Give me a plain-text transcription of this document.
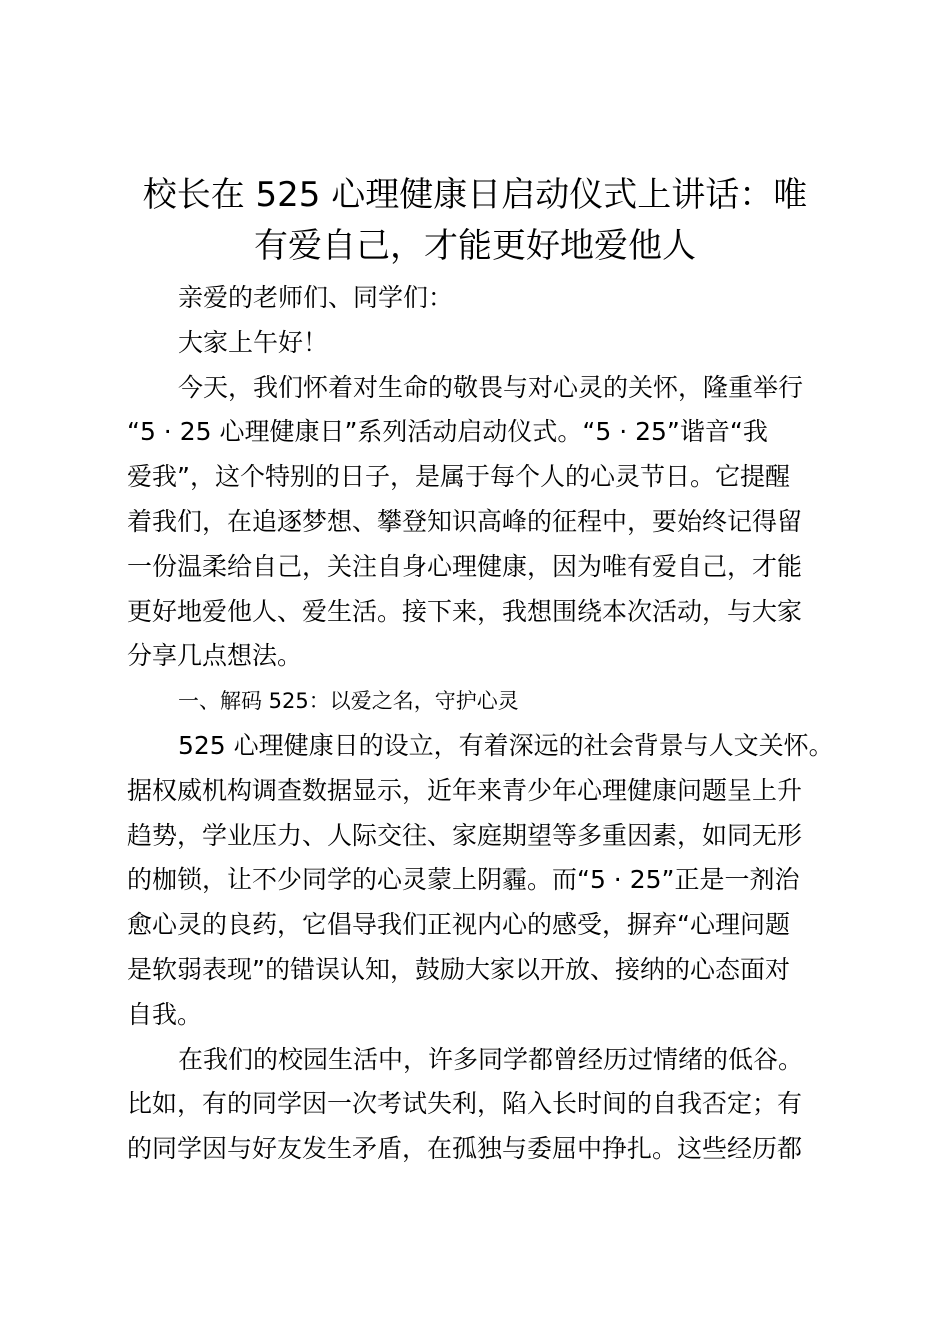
校长在 525 心理健康日启动仪式上讲话：唯
有爱自己，才能更好地爱他人
亲爱的老师们、同学们：
大家上午好！
今天，我们怀着对生命的敬畏与对心灵的关怀，隆重举行
“5 · 25 心理健康日”系列活动启动仪式。“5 · 25”谐音“我
爱我”，这个特别的日子，是属于每个人的心灵节日。它提醒
着我们，在追逐梦想、攀登知识高峰的征程中，要始终记得留
一份温柔给自己，关注自身心理健康，因为唯有爱自己，才能
更好地爱他人、爱生活。接下来，我想围绕本次活动，与大家
分享几点想法。
一、解码 525：以爱之名，守护心灵
525 心理健康日的设立，有着深远的社会背景与人文关怀。
据权威机构调查数据显示，近年来青少年心理健康问题呈上升
趋势，学业压力、人际交往、家庭期望等多重因素，如同无形
的枷锁，让不少同学的心灵蒙上阴霾。而“5 · 25”正是一剂治
愈心灵的良药，它倡导我们正视内心的感受，摒弃“心理问题
是软弱表现”的错误认知，鼓励大家以开放、接纳的心态面对
自我。
在我们的校园生活中，许多同学都曾经历过情绪的低谷。
比如，有的同学因一次考试失利，陷入长时间的自我否定；有
的同学因与好友发生矛盾，在孤独与委屈中挣扎。这些经历都
